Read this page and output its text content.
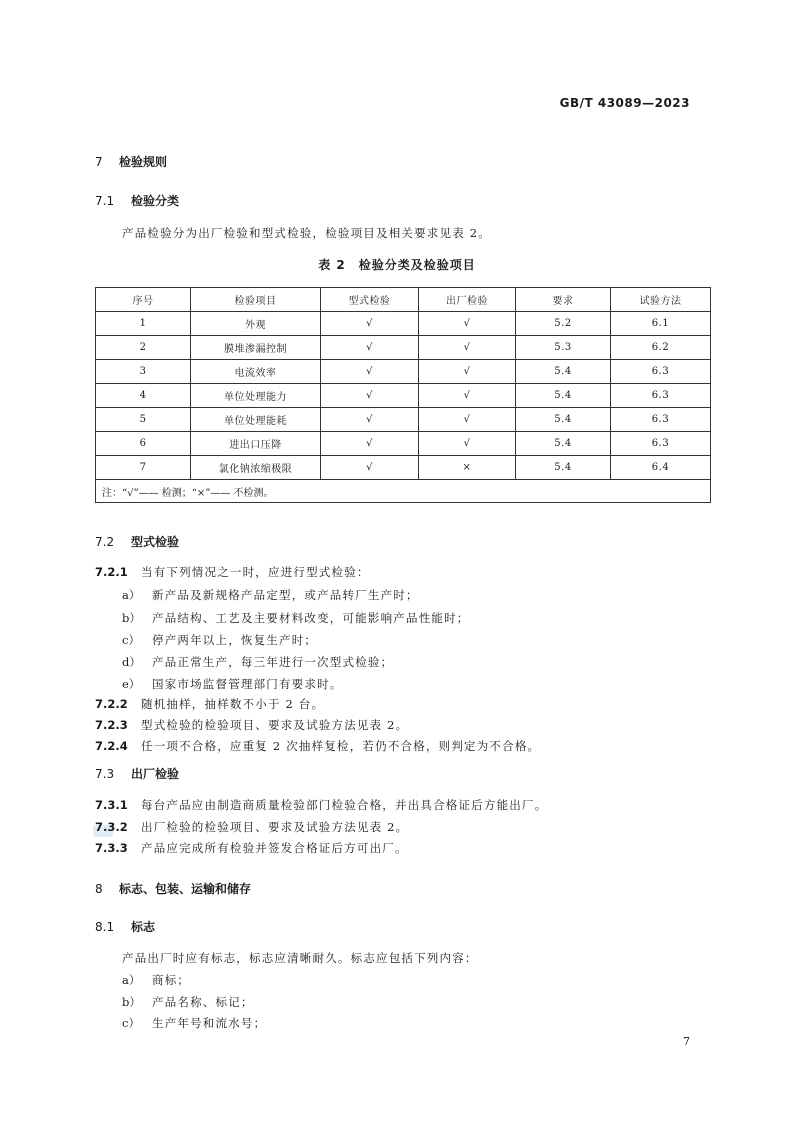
GB/T 43089—2023
7 检验规则
7.1 检验分类
产品检验分为出厂检验和型式检验，检验项目及相关要求见表 2。
表 2　检验分类及检验项目
序号	检验项目	型式检验	出厂检验	要求	试验方法
1	外观	√	√	5.2	6.1
2	膜堆渗漏控制	√	√	5.3	6.2
3	电流效率	√	√	5.4	6.3
4	单位处理能力	√	√	5.4	6.3
5	单位处理能耗	√	√	5.4	6.3
6	进出口压降	√	√	5.4	6.3
7	氯化钠浓缩极限	√	×	5.4	6.4
注：“√”—— 检测；“×”—— 不检测。					
7.2 型式检验
7.2.1 当有下列情况之一时，应进行型式检验：
a） 新产品及新规格产品定型，或产品转厂生产时；
b） 产品结构、工艺及主要材料改变，可能影响产品性能时；
c） 停产两年以上，恢复生产时；
d） 产品正常生产，每三年进行一次型式检验；
e） 国家市场监督管理部门有要求时。
7.2.2 随机抽样，抽样数不小于 2 台。
7.2.3 型式检验的检验项目、要求及试验方法见表 2。
7.2.4 任一项不合格，应重复 2 次抽样复检，若仍不合格，则判定为不合格。
7.3 出厂检验
7.3.1 每台产品应由制造商质量检验部门检验合格，并出具合格证后方能出厂。
7.3.2 出厂检验的检验项目、要求及试验方法见表 2。
7.3.3 产品应完成所有检验并签发合格证后方可出厂。
8 标志、包装、运输和储存
8.1 标志
产品出厂时应有标志，标志应清晰耐久。标志应包括下列内容：
a） 商标；
b） 产品名称、标记；
c） 生产年号和流水号；
7
